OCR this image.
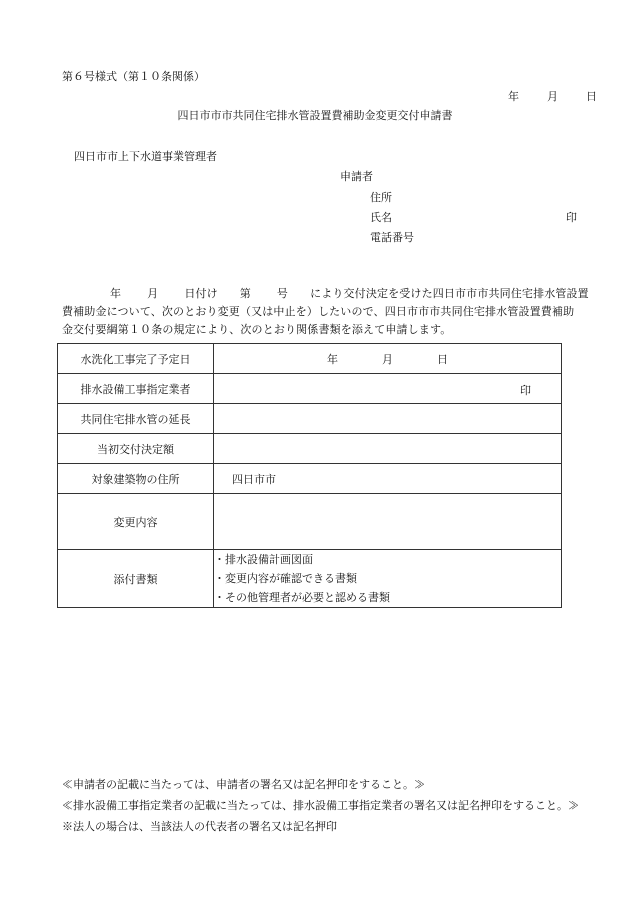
第６号様式（第１０条関係）
年	月	日
四日市市市共同住宅排水管設置費補助金変更交付申請書
四日市市上下水道事業管理者
申請者
住所
氏名	印
電話番号
年 月 日付け 第 号 により交付決定を受けた四日市市市共同住宅排水管設置
費補助金について、次のとおり変更（又は中止を）したいので、四日市市市共同住宅排水管設置費補助
金交付要綱第１０条の規定により、次のとおり関係書類を添えて申請します。
水洗化工事完了予定日	年 月 日
排水設備工事指定業者	印

共同住宅排水管の延長	
当初交付決定額	
対象建築物の住所	四日市市
変更内容	
添付書類	・排水設備計画図面
・変更内容が確認できる書類
・その他管理者が必要と認める書類
≪申請者の記載に当たっては、申請者の署名又は記名押印をすること。≫
≪排水設備工事指定業者の記載に当たっては、排水設備工事指定業者の署名又は記名押印をすること。≫
※法人の場合は、当該法人の代表者の署名又は記名押印
